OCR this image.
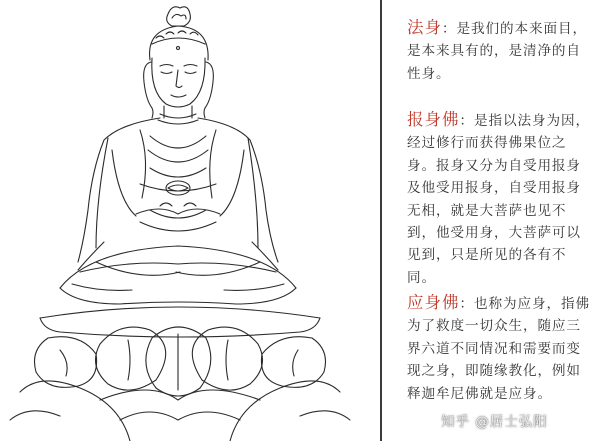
法身：是我们的本来面目，是本来具有的，是清净的自性身。
报身佛：是指以法身为因，经过修行而获得佛果位之身。报身又分为自受用报身及他受用报身，自受用报身无相，就是大菩萨也见不到，他受用身，大菩萨可以见到，只是所见的各有不同。
应身佛：也称为应身，指佛为了救度一切众生，随应三界六道不同情况和需要而变现之身，即随缘教化，例如释迦牟尼佛就是应身。
知乎 @居士弘阳
